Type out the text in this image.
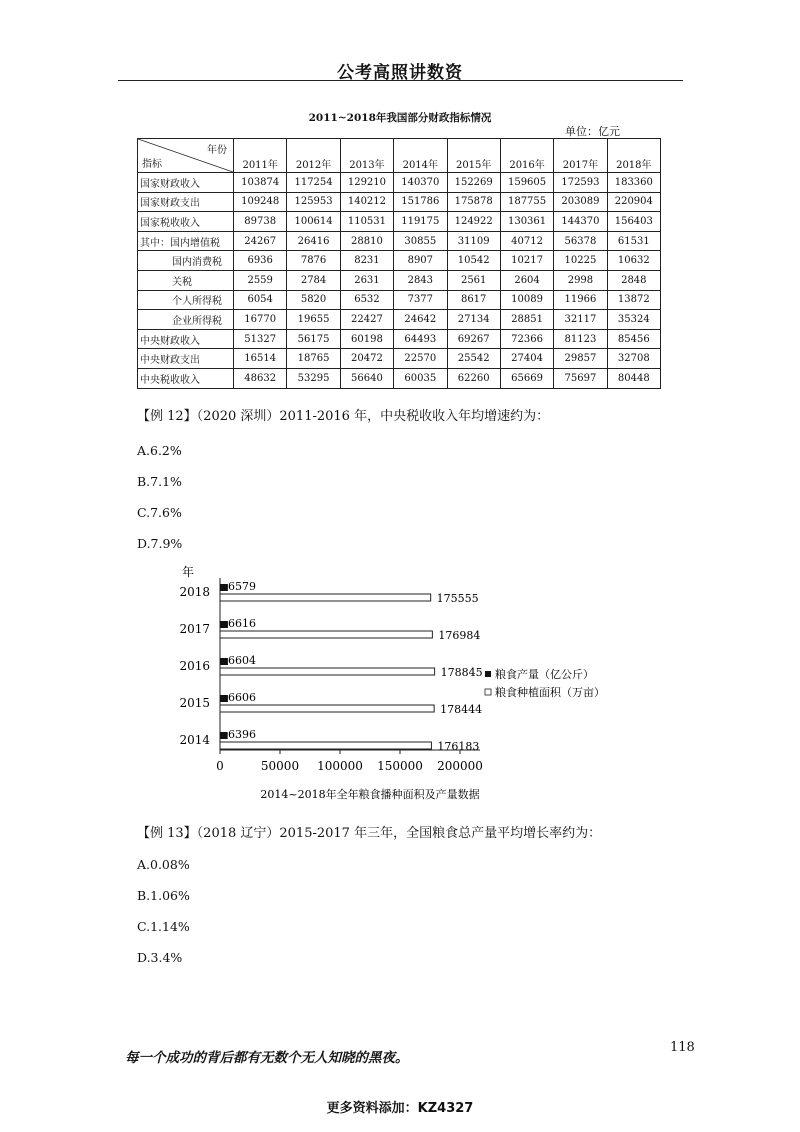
公考高照讲数资
2011~2018年我国部分财政指标情况
单位：亿元
年份
指标	2011年	2012年	2013年	2014年	2015年	2016年	2017年	2018年
国家财政收入	103874	117254	129210	140370	152269	159605	172593	183360
国家财政支出	109248	125953	140212	151786	175878	187755	203089	220904
国家税收收入	89738	100614	110531	119175	124922	130361	144370	156403
其中：国内增值税	24267	26416	28810	30855	31109	40712	56378	61531
国内消费税	6936	7876	8231	8907	10542	10217	10225	10632
关税	2559	2784	2631	2843	2561	2604	2998	2848
个人所得税	6054	5820	6532	7377	8617	10089	11966	13872
企业所得税	16770	19655	22427	24642	27134	28851	32117	35324
中央财政收入	51327	56175	60198	64493	69267	72366	81123	85456
中央财政支出	16514	18765	20472	22570	25542	27404	29857	32708
中央税收收入	48632	53295	56640	60035	62260	65669	75697	80448
【例 12】（2020 深圳）2011-2016 年，中央税收收入年均增速约为：
A.6.2%
B.7.1%
C.7.6%
D.7.9%
年
0	50000 100000 150000 200000
2018 6579
175555
2017 6616
176984
2016 6604
178845
2015 6606
178444
2014 6396
176183
粮食产量（亿公斤）
粮食种植面积（万亩）
2014~2018年全年粮食播种面积及产量数据
【例 13】（2018 辽宁）2015-2017 年三年，全国粮食总产量平均增长率约为：
A.0.08%
B.1.06%
C.1.14%
D.3.4%
每一个成功的背后都有无数个无人知晓的黑夜。
118
更多资料添加：KZ4327
